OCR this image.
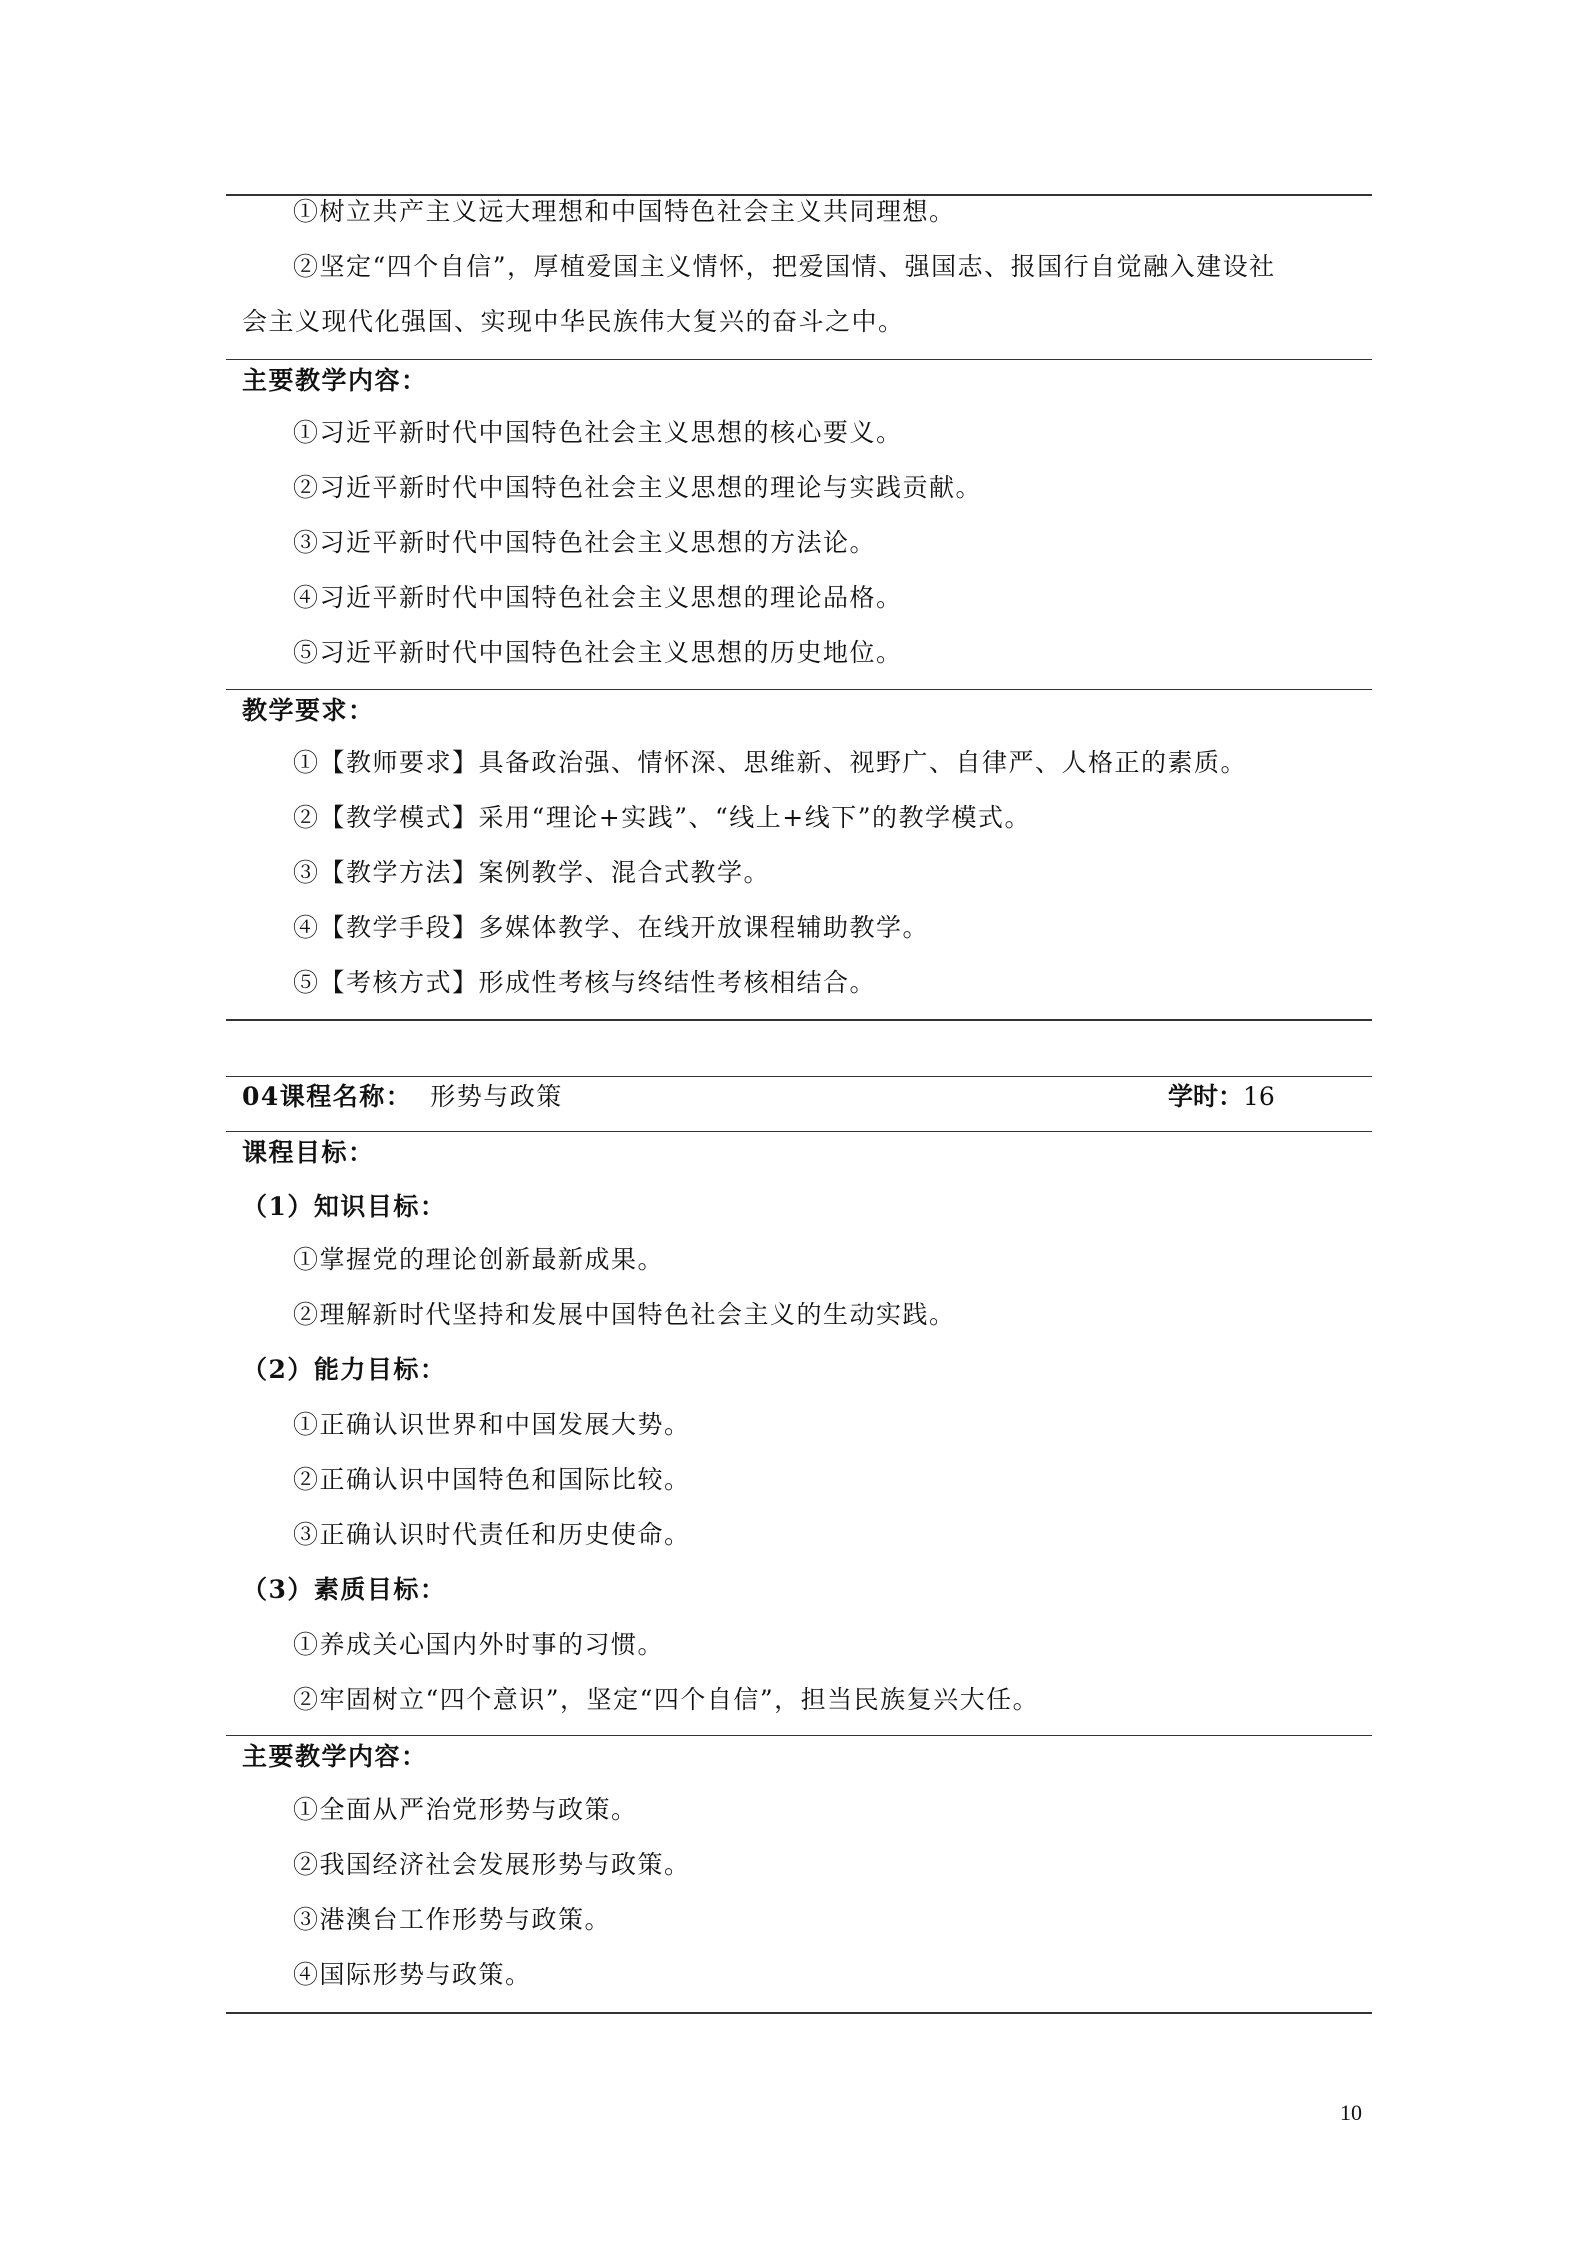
①树立共产主义远大理想和中国特色社会主义共同理想。
②坚定“四个自信”，厚植爱国主义情怀，把爱国情、强国志、报国行自觉融入建设社
会主义现代化强国、实现中华民族伟大复兴的奋斗之中。
主要教学内容：
①习近平新时代中国特色社会主义思想的核心要义。
②习近平新时代中国特色社会主义思想的理论与实践贡献。
③习近平新时代中国特色社会主义思想的方法论。
④习近平新时代中国特色社会主义思想的理论品格。
⑤习近平新时代中国特色社会主义思想的历史地位。
教学要求：
①【教师要求】具备政治强、情怀深、思维新、视野广、自律严、人格正的素质。
②【教学模式】采用“理论+实践”、“线上+线下”的教学模式。
③【教学方法】案例教学、混合式教学。
④【教学手段】多媒体教学、在线开放课程辅助教学。
⑤【考核方式】形成性考核与终结性考核相结合。
04课程名称： 形势与政策	学时：16
课程目标：
（1）知识目标：
①掌握党的理论创新最新成果。
②理解新时代坚持和发展中国特色社会主义的生动实践。
（2）能力目标：
①正确认识世界和中国发展大势。
②正确认识中国特色和国际比较。
③正确认识时代责任和历史使命。
（3）素质目标：
①养成关心国内外时事的习惯。
②牢固树立“四个意识”，坚定“四个自信”，担当民族复兴大任。
主要教学内容：
①全面从严治党形势与政策。
②我国经济社会发展形势与政策。
③港澳台工作形势与政策。
④国际形势与政策。
10
